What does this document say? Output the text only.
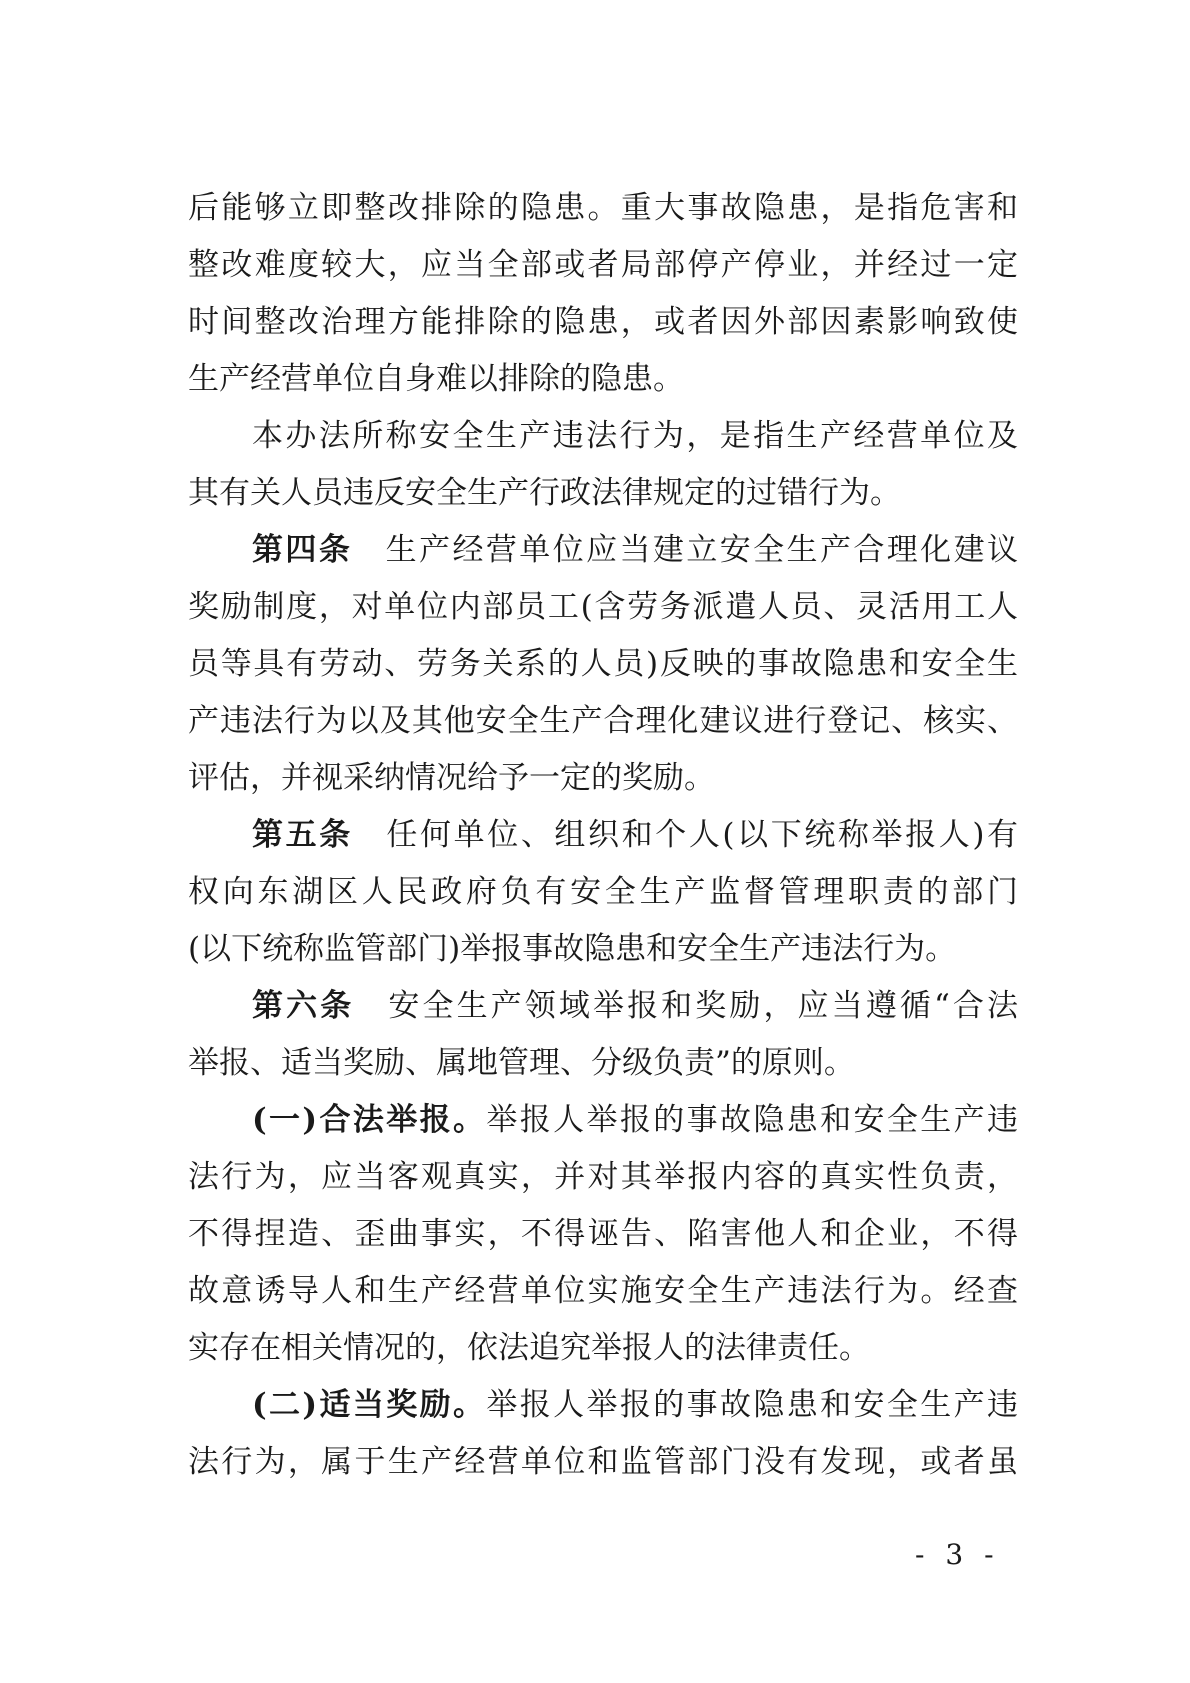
后能够立即整改排除的隐患。重大事故隐患，是指危害和
整改难度较大，应当全部或者局部停产停业，并经过一定
时间整改治理方能排除的隐患，或者因外部因素影响致使
生产经营单位自身难以排除的隐患。
本办法所称安全生产违法行为，是指生产经营单位及
其有关人员违反安全生产行政法律规定的过错行为。
第四条  生产经营单位应当建立安全生产合理化建议
奖励制度，对单位内部员工(含劳务派遣人员、灵活用工人
员等具有劳动、劳务关系的人员)反映的事故隐患和安全生
产违法行为以及其他安全生产合理化建议进行登记、核实、
评估，并视采纳情况给予一定的奖励。
第五条  任何单位、组织和个人(以下统称举报人)有
权向东湖区人民政府负有安全生产监督管理职责的部门
(以下统称监管部门)举报事故隐患和安全生产违法行为。
第六条  安全生产领域举报和奖励，应当遵循“合法
举报、适当奖励、属地管理、分级负责”的原则。
(一)合法举报。举报人举报的事故隐患和安全生产违
法行为，应当客观真实，并对其举报内容的真实性负责，
不得捏造、歪曲事实，不得诬告、陷害他人和企业，不得
故意诱导人和生产经营单位实施安全生产违法行为。经查
实存在相关情况的，依法追究举报人的法律责任。
(二)适当奖励。举报人举报的事故隐患和安全生产违
法行为，属于生产经营单位和监管部门没有发现，或者虽
- 3 -
